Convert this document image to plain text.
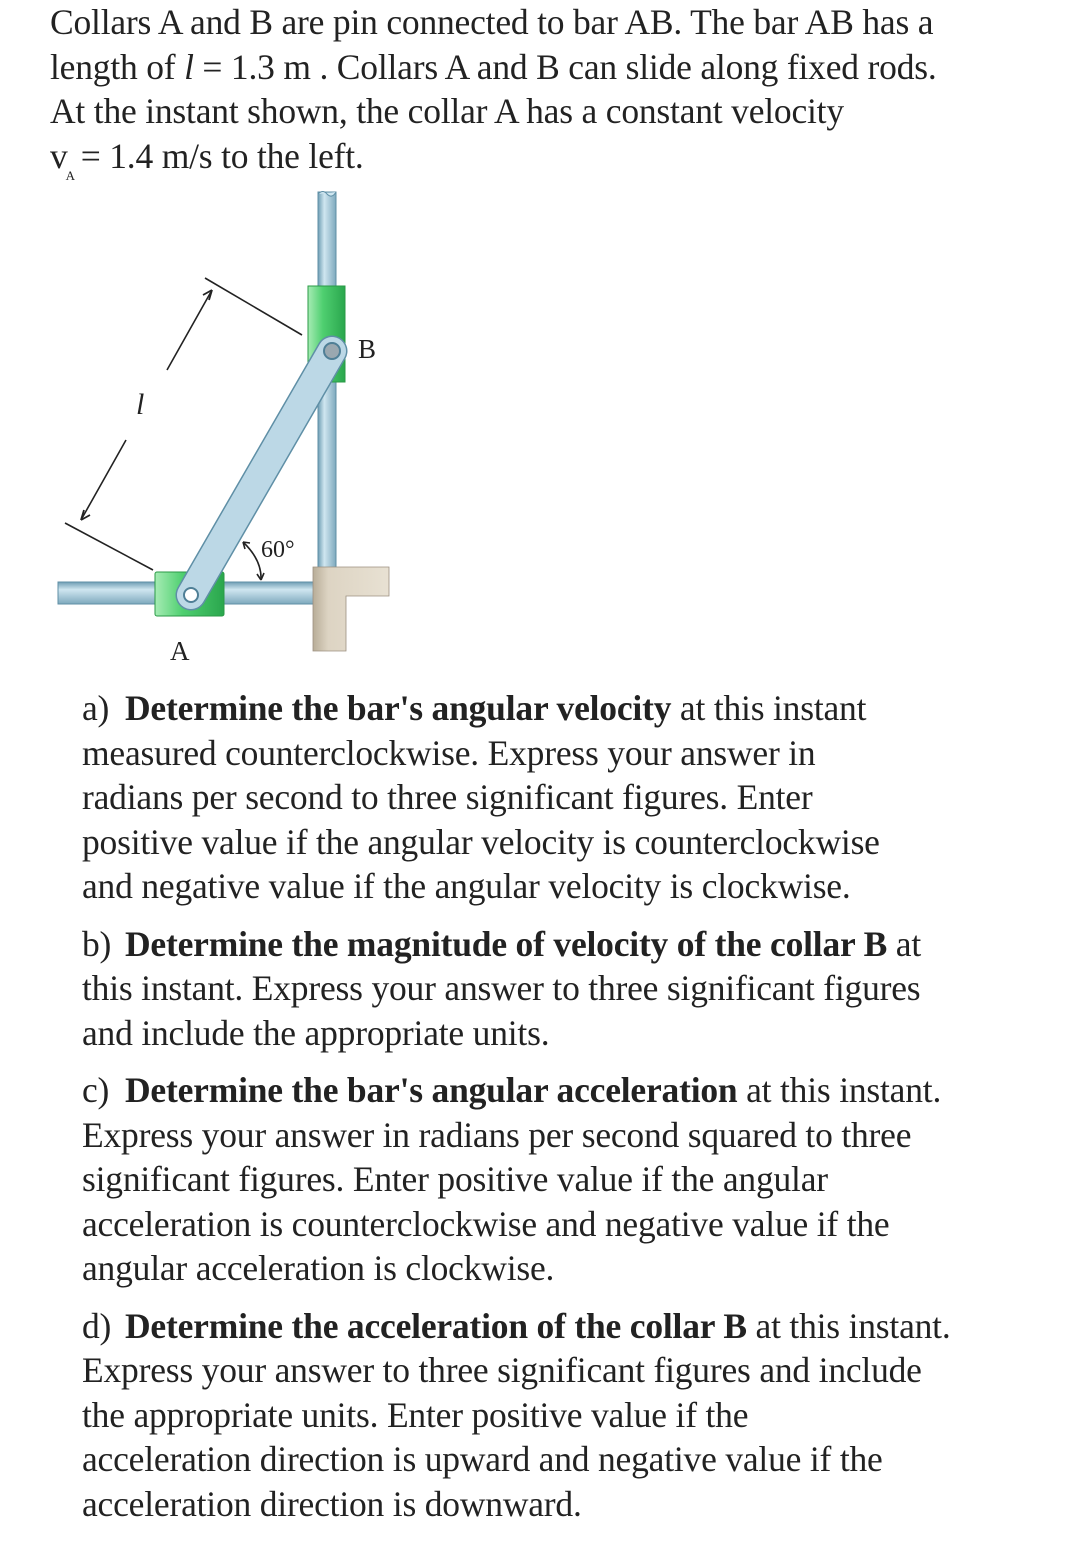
Collars A and B are pin connected to bar AB. The bar AB has a
length of l = 1.3 m . Collars A and B can slide along fixed rods.
At the instant shown, the collar A has a constant velocity
$v_A = 1.4$ m/s to the left.
l
60°
B
A
a) Determine the bar's angular velocity at this instant
measured counterclockwise. Express your answer in
radians per second to three significant figures. Enter
positive value if the angular velocity is counterclockwise
and negative value if the angular velocity is clockwise.
b) Determine the magnitude of velocity of the collar B at
this instant. Express your answer to three significant figures
and include the appropriate units.
c) Determine the bar's angular acceleration at this instant.
Express your answer in radians per second squared to three
significant figures. Enter positive value if the angular
acceleration is counterclockwise and negative value if the
angular acceleration is clockwise.
d) Determine the acceleration of the collar B at this instant.
Express your answer to three significant figures and include
the appropriate units. Enter positive value if the
acceleration direction is upward and negative value if the
acceleration direction is downward.
